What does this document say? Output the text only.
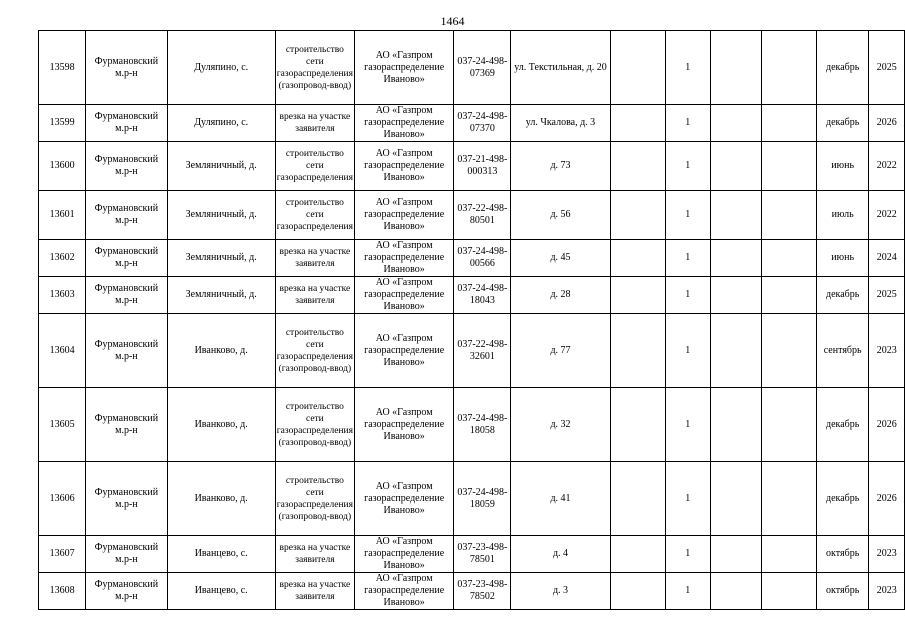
1464
13598	Фурмановский м.р-н	Дуляпино, с.	строительство сети газораспределения (газопровод-ввод)	АО «Газпром газораспределение Иваново»	037-24-498-07369	ул. Текстильная, д. 20		1			декабрь	2025
13599	Фурмановский м.р-н	Дуляпино, с.	врезка на участке заявителя	АО «Газпром газораспределение Иваново»	037-24-498-07370	ул. Чкалова, д. 3		1			декабрь	2026
13600	Фурмановский м.р-н	Земляничный, д.	строительство сети газораспределения	АО «Газпром газораспределение Иваново»	037-21-498-000313	д. 73		1			июнь	2022
13601	Фурмановский м.р-н	Земляничный, д.	строительство сети газораспределения	АО «Газпром газораспределение Иваново»	037-22-498-80501	д. 56		1			июль	2022
13602	Фурмановский м.р-н	Земляничный, д.	врезка на участке заявителя	АО «Газпром газораспределение Иваново»	037-24-498-00566	д. 45		1			июнь	2024
13603	Фурмановский м.р-н	Земляничный, д.	врезка на участке заявителя	АО «Газпром газораспределение Иваново»	037-24-498-18043	д. 28		1			декабрь	2025
13604	Фурмановский м.р-н	Иванково, д.	строительство сети газораспределения (газопровод-ввод)	АО «Газпром газораспределение Иваново»	037-22-498-32601	д. 77		1			сентябрь	2023
13605	Фурмановский м.р-н	Иванково, д.	строительство сети газораспределения (газопровод-ввод)	АО «Газпром газораспределение Иваново»	037-24-498-18058	д. 32		1			декабрь	2026
13606	Фурмановский м.р-н	Иванково, д.	строительство сети газораспределения (газопровод-ввод)	АО «Газпром газораспределение Иваново»	037-24-498-18059	д. 41		1			декабрь	2026
13607	Фурмановский м.р-н	Иванцево, с.	врезка на участке заявителя	АО «Газпром газораспределение Иваново»	037-23-498-78501	д. 4		1			октябрь	2023
13608	Фурмановский м.р-н	Иванцево, с.	врезка на участке заявителя	АО «Газпром газораспределение Иваново»	037-23-498-78502	д. 3		1			октябрь	2023
